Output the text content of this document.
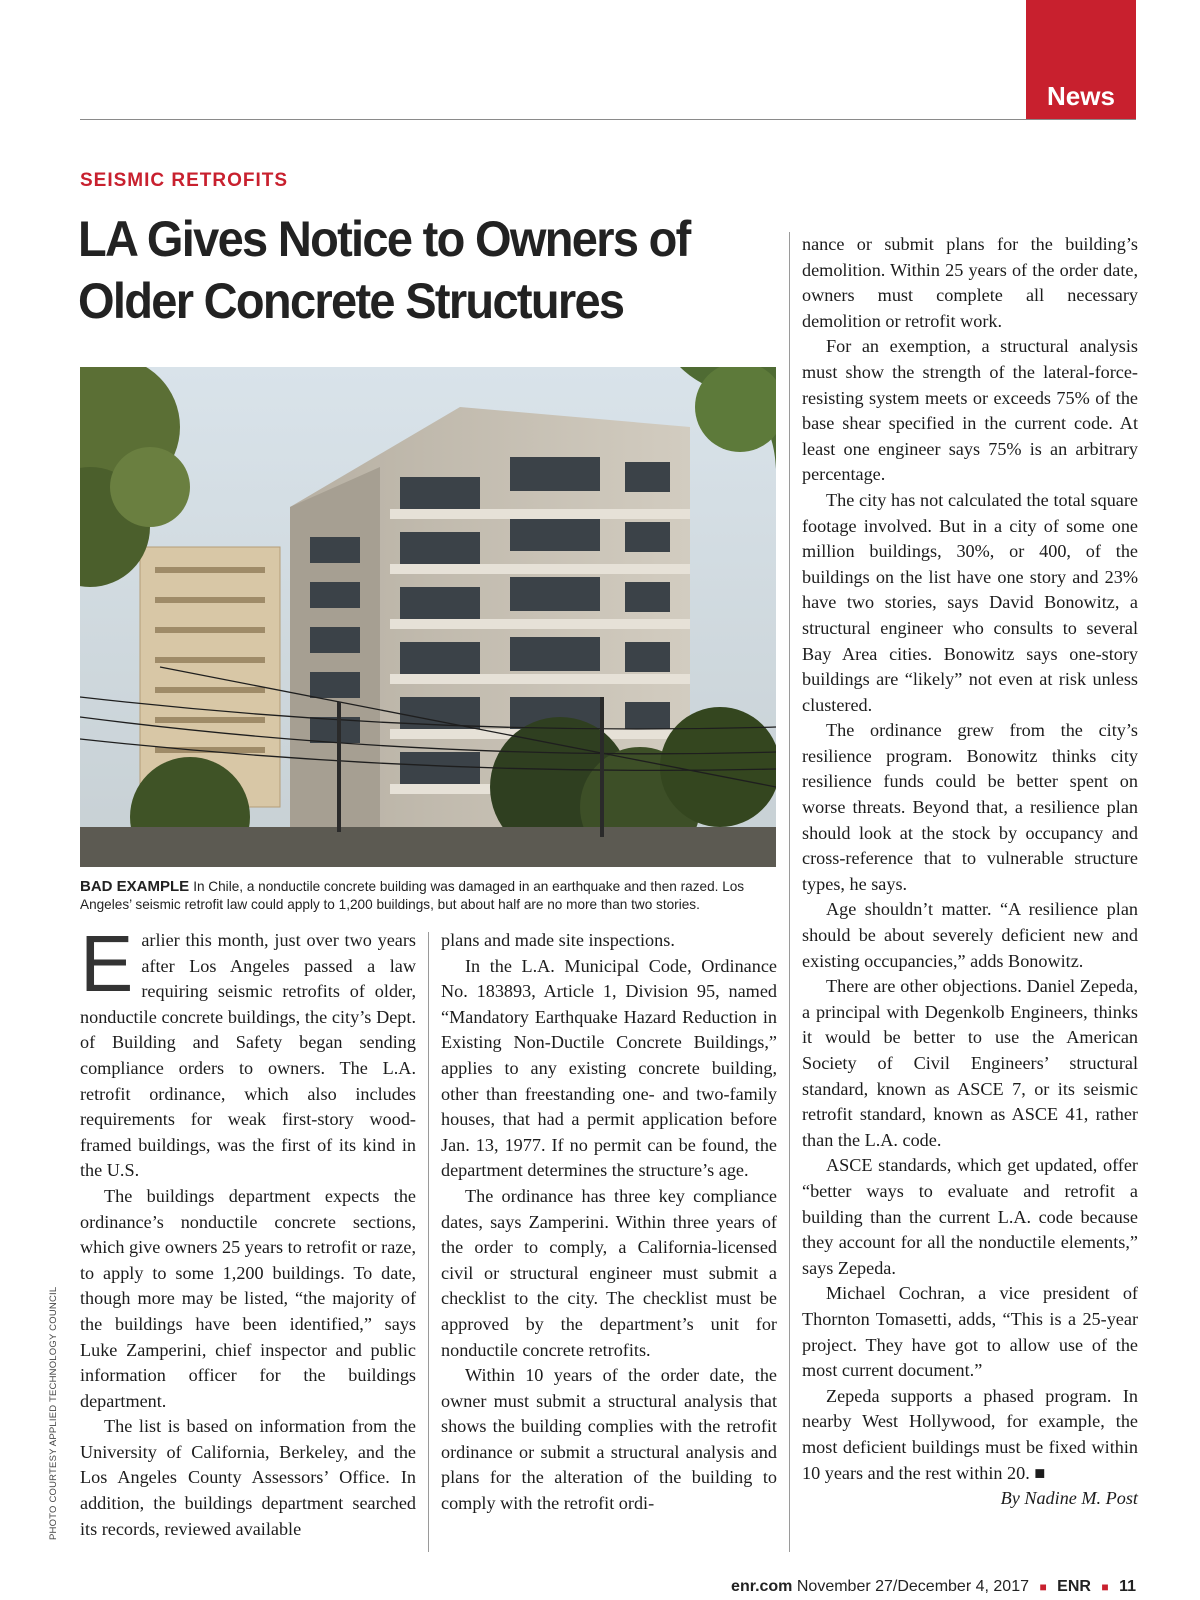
News
SEISMIC RETROFITS
LA Gives Notice to Owners of Older Concrete Structures

BAD EXAMPLE In Chile, a nonductile concrete building was damaged in an earthquake and then razed. Los Angeles’ seismic retrofit law could apply to 1,200 buildings, but about half are no more than two stories.

PHOTO COURTESY APPLIED TECHNOLOGY COUNCIL

Earlier this month, just over two years after Los Angeles passed a law requiring seismic retrofits of older, nonductile concrete buildings, the city’s Dept. of Building and Safety began sending compliance orders to owners. The L.A. retrofit ordinance, which also includes requirements for weak first-story wood-framed buildings, was the first of its kind in the U.S.

The buildings department expects the ordinance’s nonductile concrete sections, which give owners 25 years to retrofit or raze, to apply to some 1,200 buildings. To date, though more may be listed, “the majority of the buildings have been identified,” says Luke Zamperini, chief inspector and public information officer for the buildings department.

The list is based on information from the University of California, Berkeley, and the Los Angeles County Assessors’ Office. In addition, the buildings department searched its records, reviewed available

plans and made site inspections.

In the L.A. Municipal Code, Ordinance No. 183893, Article 1, Division 95, named “Mandatory Earthquake Hazard Reduction in Existing Non-Ductile Concrete Buildings,” applies to any existing concrete building, other than freestanding one- and two-family houses, that had a permit application before Jan. 13, 1977. If no permit can be found, the department determines the structure’s age.

The ordinance has three key compliance dates, says Zamperini. Within three years of the order to comply, a California-licensed civil or structural engineer must submit a checklist to the city. The checklist must be approved by the department’s unit for nonductile concrete retrofits.

Within 10 years of the order date, the owner must submit a structural analysis that shows the building complies with the retrofit ordinance or submit a structural analysis and plans for the alteration of the building to comply with the retrofit ordi-

nance or submit plans for the building’s demolition. Within 25 years of the order date, owners must complete all necessary demolition or retrofit work.

For an exemption, a structural analysis must show the strength of the lateral-force-resisting system meets or exceeds 75% of the base shear specified in the current code. At least one engineer says 75% is an arbitrary percentage.

The city has not calculated the total square footage involved. But in a city of some one million buildings, 30%, or 400, of the buildings on the list have one story and 23% have two stories, says David Bonowitz, a structural engineer who consults to several Bay Area cities. Bonowitz says one-story buildings are “likely” not even at risk unless clustered.

The ordinance grew from the city’s resilience program. Bonowitz thinks city resilience funds could be better spent on worse threats. Beyond that, a resilience plan should look at the stock by occupancy and cross-reference that to vulnerable structure types, he says.

Age shouldn’t matter. “A resilience plan should be about severely deficient new and existing occupancies,” adds Bonowitz.

There are other objections. Daniel Zepeda, a principal with Degenkolb Engineers, thinks it would be better to use the American Society of Civil Engineers’ structural standard, known as ASCE 7, or its seismic retrofit standard, known as ASCE 41, rather than the L.A. code.

ASCE standards, which get updated, offer “better ways to evaluate and retrofit a building than the current L.A. code because they account for all the nonductile elements,” says Zepeda.

Michael Cochran, a vice president of Thornton Tomasetti, adds, “This is a 25-year project. They have got to allow use of the most current document.”

Zepeda supports a phased program. In nearby West Hollywood, for example, the most deficient buildings must be fixed within 10 years and the rest within 20. ■

By Nadine M. Post

enr.com November 27/December 4, 2017 ■ ENR ■ 11
